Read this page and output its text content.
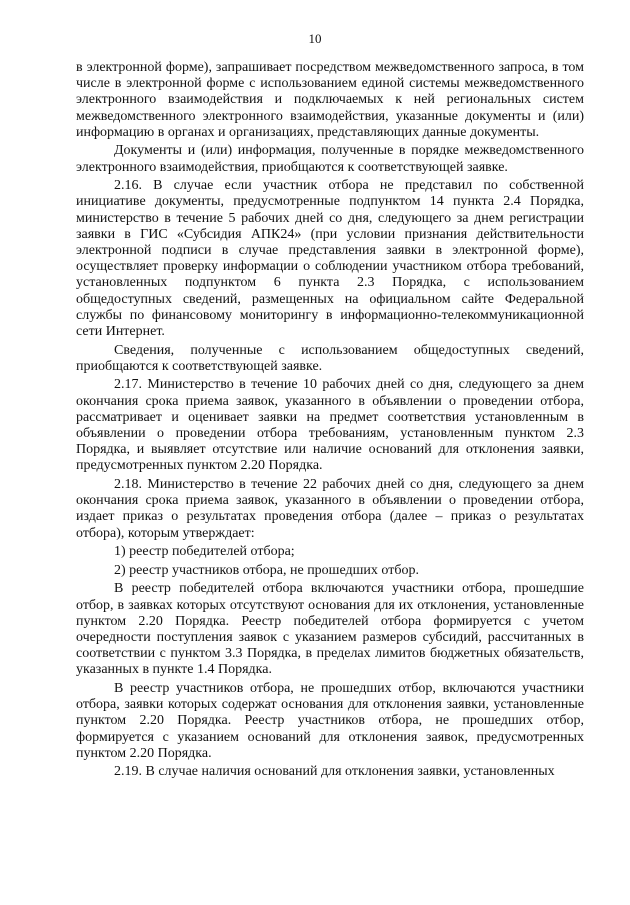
10

в электронной форме), запрашивает посредством межведомственного запроса, в том числе в электронной форме с использованием единой системы межведомственного электронного взаимодействия и подключаемых к ней региональных систем межведомственного электронного взаимодействия, указанные документы и (или) информацию в органах и организациях, представляющих данные документы.

Документы и (или) информация, полученные в порядке межведомственного электронного взаимодействия, приобщаются к соответствующей заявке.

2.16. В случае если участник отбора не представил по собственной инициативе документы, предусмотренные подпунктом 14 пункта 2.4 Порядка, министерство в течение 5 рабочих дней со дня, следующего за днем регистрации заявки в ГИС «Субсидия АПК24» (при условии признания действительности электронной подписи в случае представления заявки в электронной форме), осуществляет проверку информации о соблюдении участником отбора требований, установленных подпунктом 6 пункта 2.3 Порядка, с использованием общедоступных сведений, размещенных на официальном сайте Федеральной службы по финансовому мониторингу в информационно-телекоммуникационной сети Интернет.

Сведения, полученные с использованием общедоступных сведений, приобщаются к соответствующей заявке.

2.17. Министерство в течение 10 рабочих дней со дня, следующего за днем окончания срока приема заявок, указанного в объявлении о проведении отбора, рассматривает и оценивает заявки на предмет соответствия установленным в объявлении о проведении отбора требованиям, установленным пунктом 2.3 Порядка, и выявляет отсутствие или наличие оснований для отклонения заявки, предусмотренных пунктом 2.20 Порядка.

2.18. Министерство в течение 22 рабочих дней со дня, следующего за днем окончания срока приема заявок, указанного в объявлении о проведении отбора, издает приказ о результатах проведения отбора (далее – приказ о результатах отбора), которым утверждает:

1) реестр победителей отбора;

2) реестр участников отбора, не прошедших отбор.

В реестр победителей отбора включаются участники отбора, прошедшие отбор, в заявках которых отсутствуют основания для их отклонения, установленные пунктом 2.20 Порядка. Реестр победителей отбора формируется с учетом очередности поступления заявок с указанием размеров субсидий, рассчитанных в соответствии с пунктом 3.3 Порядка, в пределах лимитов бюджетных обязательств, указанных в пункте 1.4 Порядка.

В реестр участников отбора, не прошедших отбор, включаются участники отбора, заявки которых содержат основания для отклонения заявки, установленные пунктом 2.20 Порядка. Реестр участников отбора, не прошедших отбор, формируется с указанием оснований для отклонения заявок, предусмотренных пунктом 2.20 Порядка.

2.19. В случае наличия оснований для отклонения заявки, установленных
